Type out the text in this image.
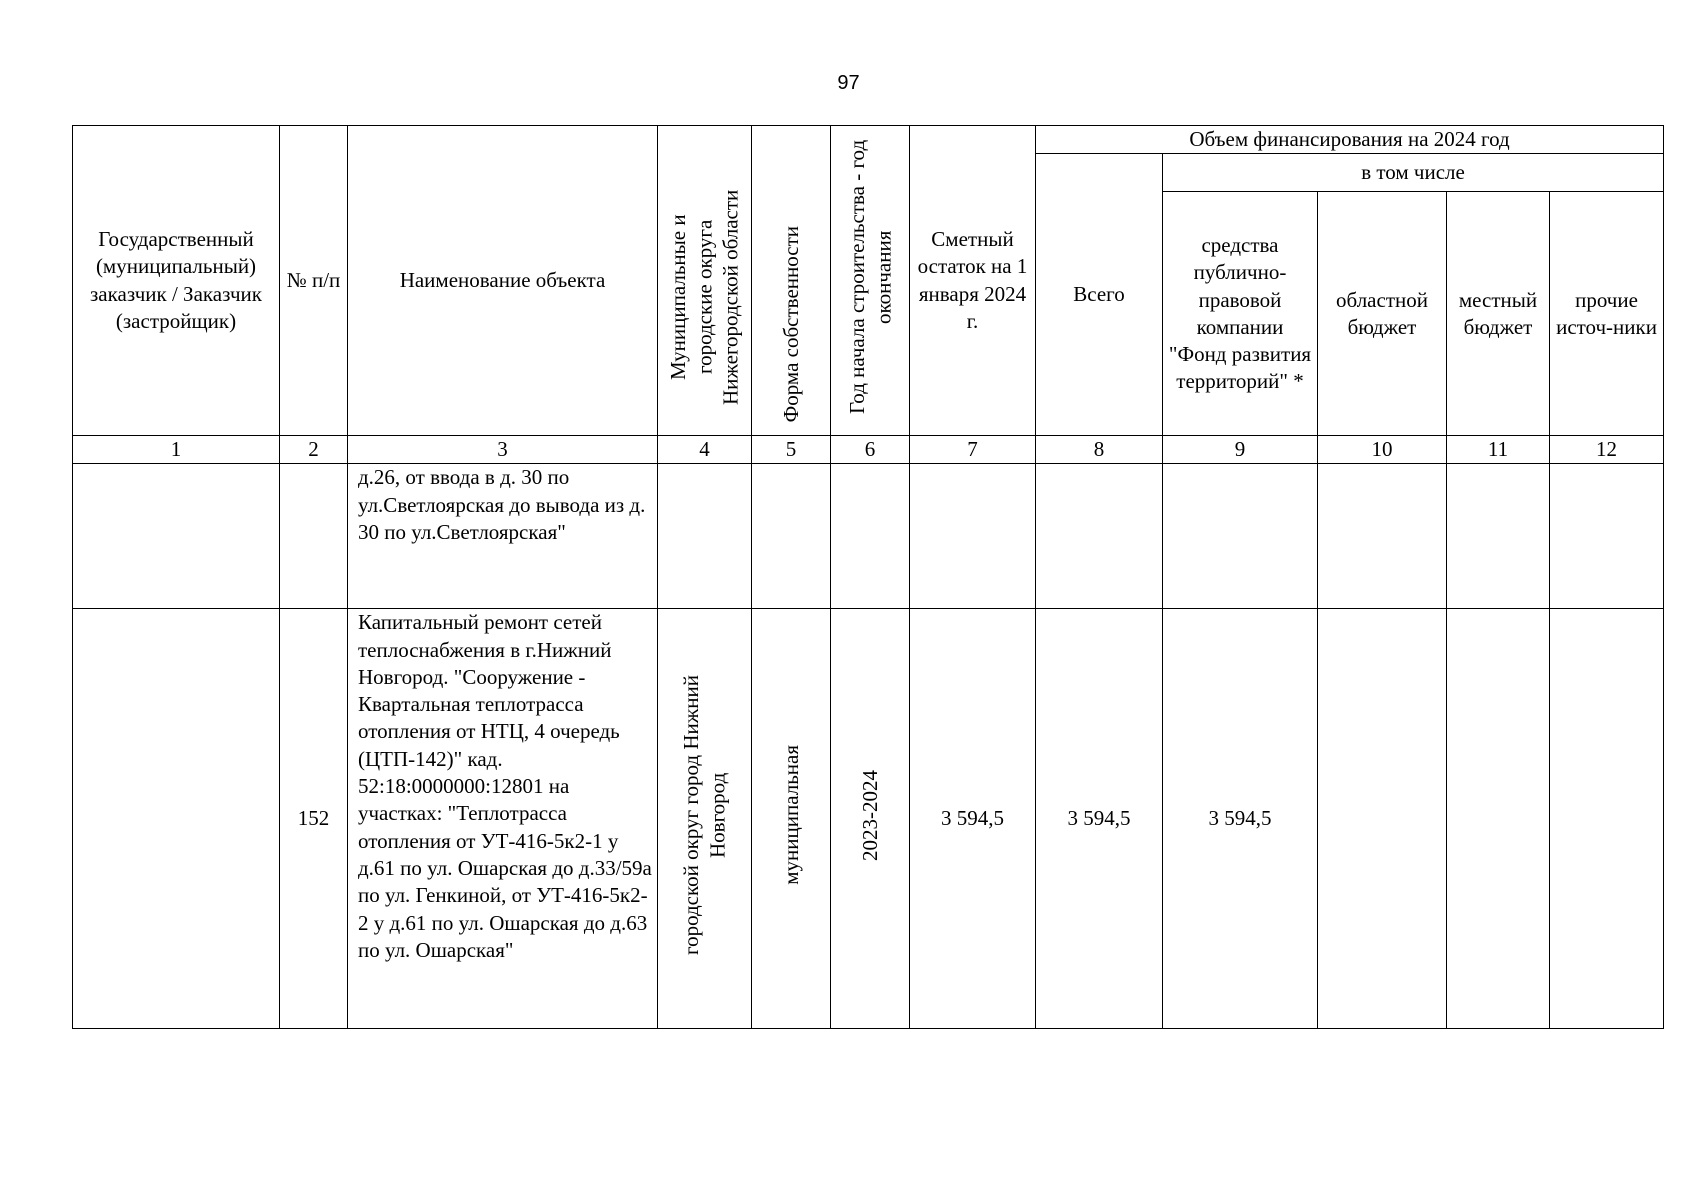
97
Государственный (муниципальный) заказчик / Заказчик (застройщик)	№ п/п	Наименование объекта	Муниципальные и городские округа Нижегородской области	Форма собственности	Год начала строительства - год окончания	Сметный остаток на 1 января 2024 г.	Объем финансирования на 2024 год				
							Всего	в том числе			
								средства публично-правовой компании "Фонд развития территорий" *	областной бюджет	местный бюджет	прочие источ-ники
1	2	3	4	5	6	7	8	9	10	11	12
		д.26, от ввода в д. 30 по ул.Светлоярская до вывода из д. 30 по ул.Светлоярская"									
	152	Капитальный ремонт сетей теплоснабжения в г.Нижний Новгород. "Сооружение - Квартальная теплотрасса отопления от НТЦ, 4 очередь (ЦТП-142)" кад. 52:18:0000000:12801 на участках: "Теплотрасса отопления от УТ-416-5к2-1 у д.61 по ул. Ошарская до д.33/59а по ул. Генкиной, от УТ-416-5к2-2 у д.61 по ул. Ошарская до д.63 по ул. Ошарская"	городской округ город Нижний Новгород	муниципальная	2023-2024	3 594,5	3 594,5	3 594,5			
